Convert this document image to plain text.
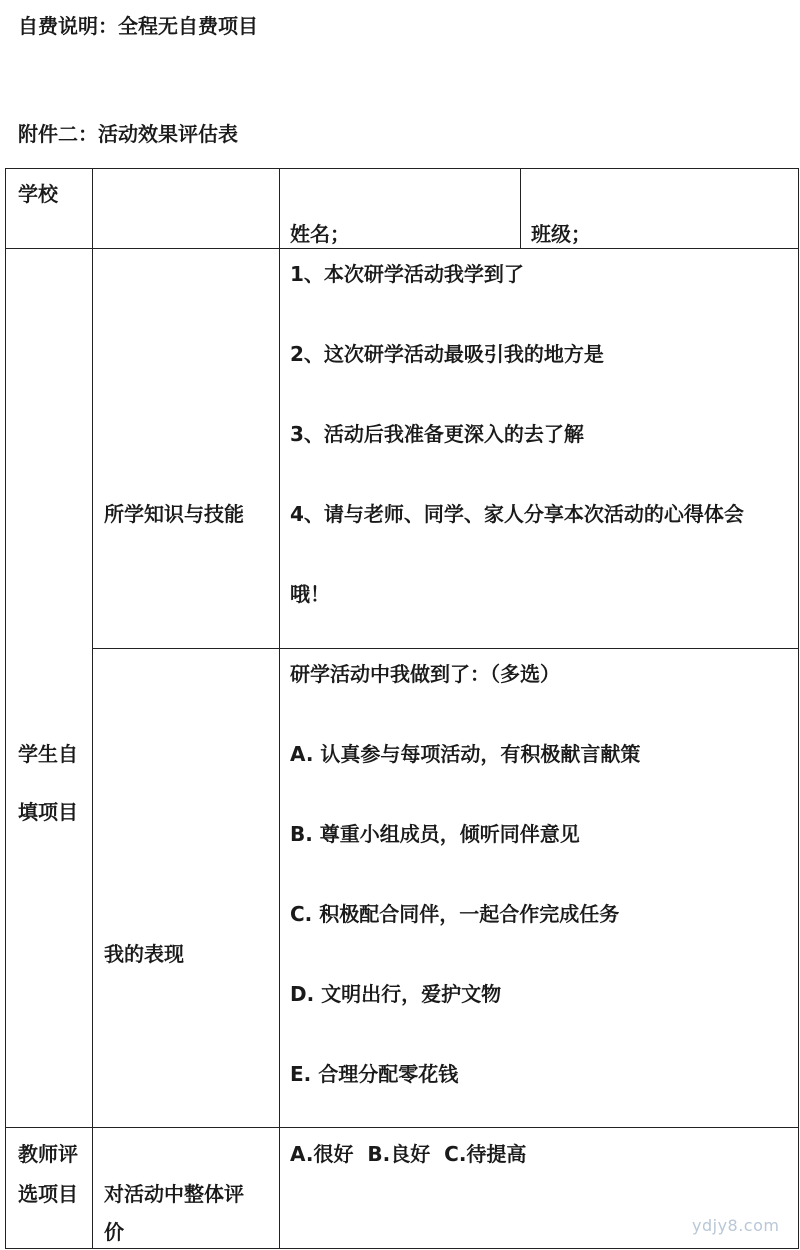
自费说明：全程无自费项目
附件二：活动效果评估表
学校
姓名；	班级；
学生自
填项目
所学知识与技能
1、本次研学活动我学到了
2、这次研学活动最吸引我的地方是
3、活动后我准备更深入的去了解
4、请与老师、同学、家人分享本次活动的心得体会
哦！
我的表现
研学活动中我做到了：（多选）
A. 认真参与每项活动，有积极献言献策
B. 尊重小组成员，倾听同伴意见
C. 积极配合同伴，一起合作完成任务
D. 文明出行，爱护文物
E. 合理分配零花钱
教师评
选项目 对活动中整体评
价
A.很好  B.良好  C.待提高
ydjy8.com
